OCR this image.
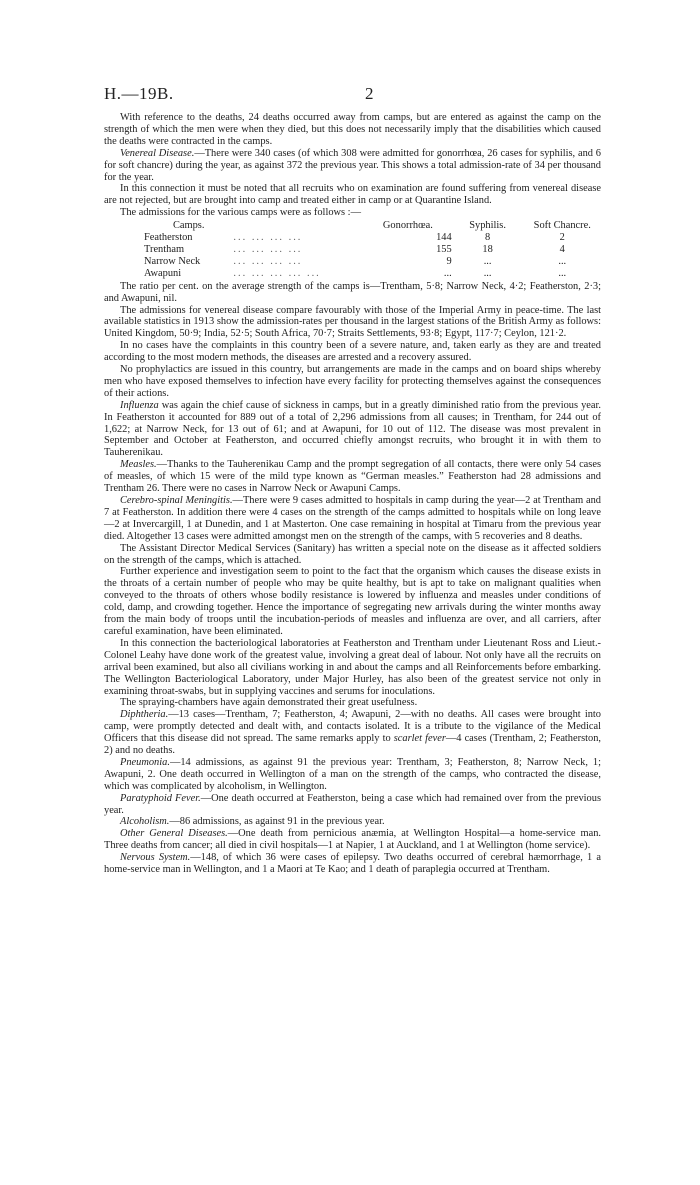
H.—19B.	2

With reference to the deaths, 24 deaths occurred away from camps, but are entered as against the camp on the strength of which the men were when they died, but this does not necessarily imply that the disabilities which caused the deaths were contracted in the camps.

Venereal Disease.—There were 340 cases (of which 308 were admitted for gonorrhœa, 26 cases for syphilis, and 6 for soft chancre) during the year, as against 372 the previous year. This shows a total admission-rate of 34 per thousand for the year.

In this connection it must be noted that all recruits who on examination are found suffering from venereal disease are not rejected, but are brought into camp and treated either in camp or at Quarantine Island.

The admissions for the various camps were as follows :—

Camps.		Gonorrhœa.	Syphilis.	Soft Chancre.
Featherston	... ... ... ...	144	8	2
Trentham	... ... ... ...	155	18	4
Narrow Neck	... ... ... ...	9	...	...
Awapuni	... ... ... ... ...	...	...	...

The ratio per cent. on the average strength of the camps is—Trentham, 5·8; Narrow Neck, 4·2; Featherston, 2·3; and Awapuni, nil.

The admissions for venereal disease compare favourably with those of the Imperial Army in peace-time. The last available statistics in 1913 show the admission-rates per thousand in the largest stations of the British Army as follows: United Kingdom, 50·9; India, 52·5; South Africa, 70·7; Straits Settlements, 93·8; Egypt, 117·7; Ceylon, 121·2.

In no cases have the complaints in this country been of a severe nature, and, taken early as they are and treated according to the most modern methods, the diseases are arrested and a recovery assured.

No prophylactics are issued in this country, but arrangements are made in the camps and on board ships whereby men who have exposed themselves to infection have every facility for protecting themselves against the consequences of their actions.

Influenza was again the chief cause of sickness in camps, but in a greatly diminished ratio from the previous year. In Featherston it accounted for 889 out of a total of 2,296 admissions from all causes; in Trentham, for 244 out of 1,622; at Narrow Neck, for 13 out of 61; and at Awapuni, for 10 out of 112. The disease was most prevalent in September and October at Featherston, and occurred chiefly amongst recruits, who brought it in with them to Tauherenikau.

Measles.—Thanks to the Tauherenikau Camp and the prompt segregation of all contacts, there were only 54 cases of measles, of which 15 were of the mild type known as “German measles.” Featherston had 28 admissions and Trentham 26. There were no cases in Narrow Neck or Awapuni Camps.

Cerebro-spinal Meningitis.—There were 9 cases admitted to hospitals in camp during the year—2 at Trentham and 7 at Featherston. In addition there were 4 cases on the strength of the camps admitted to hospitals while on long leave—2 at Invercargill, 1 at Dunedin, and 1 at Masterton. One case remaining in hospital at Timaru from the previous year died. Altogether 13 cases were admitted amongst men on the strength of the camps, with 5 recoveries and 8 deaths.

The Assistant Director Medical Services (Sanitary) has written a special note on the disease as it affected soldiers on the strength of the camps, which is attached.

Further experience and investigation seem to point to the fact that the organism which causes the disease exists in the throats of a certain number of people who may be quite healthy, but is apt to take on malignant qualities when conveyed to the throats of others whose bodily resistance is lowered by influenza and measles under conditions of cold, damp, and crowding together. Hence the importance of segregating new arrivals during the winter months away from the main body of troops until the incubation-periods of measles and influenza are over, and all carriers, after careful examination, have been eliminated.

In this connection the bacteriological laboratories at Featherston and Trentham under Lieutenant Ross and Lieut.-Colonel Leahy have done work of the greatest value, involving a great deal of labour. Not only have all the recruits on arrival been examined, but also all civilians working in and about the camps and all Reinforcements before embarking. The Wellington Bacteriological Laboratory, under Major Hurley, has also been of the greatest service not only in examining throat-swabs, but in supplying vaccines and serums for inoculations.

The spraying-chambers have again demonstrated their great usefulness.

Diphtheria.—13 cases—Trentham, 7; Featherston, 4; Awapuni, 2—with no deaths. All cases were brought into camp, were promptly detected and dealt with, and contacts isolated. It is a tribute to the vigilance of the Medical Officers that this disease did not spread. The same remarks apply to scarlet fever—4 cases (Trentham, 2; Featherston, 2) and no deaths.

Pneumonia.—14 admissions, as against 91 the previous year: Trentham, 3; Featherston, 8; Narrow Neck, 1; Awapuni, 2. One death occurred in Wellington of a man on the strength of the camps, who contracted the disease, which was complicated by alcoholism, in Wellington.

Paratyphoid Fever.—One death occurred at Featherston, being a case which had remained over from the previous year.

Alcoholism.—86 admissions, as against 91 in the previous year.

Other General Diseases.—One death from pernicious anæmia, at Wellington Hospital—a home-service man. Three deaths from cancer; all died in civil hospitals—1 at Napier, 1 at Auckland, and 1 at Wellington (home service).

Nervous System.—148, of which 36 were cases of epilepsy. Two deaths occurred of cerebral hæmorrhage, 1 a home-service man in Wellington, and 1 a Maori at Te Kao; and 1 death of paraplegia occurred at Trentham.
